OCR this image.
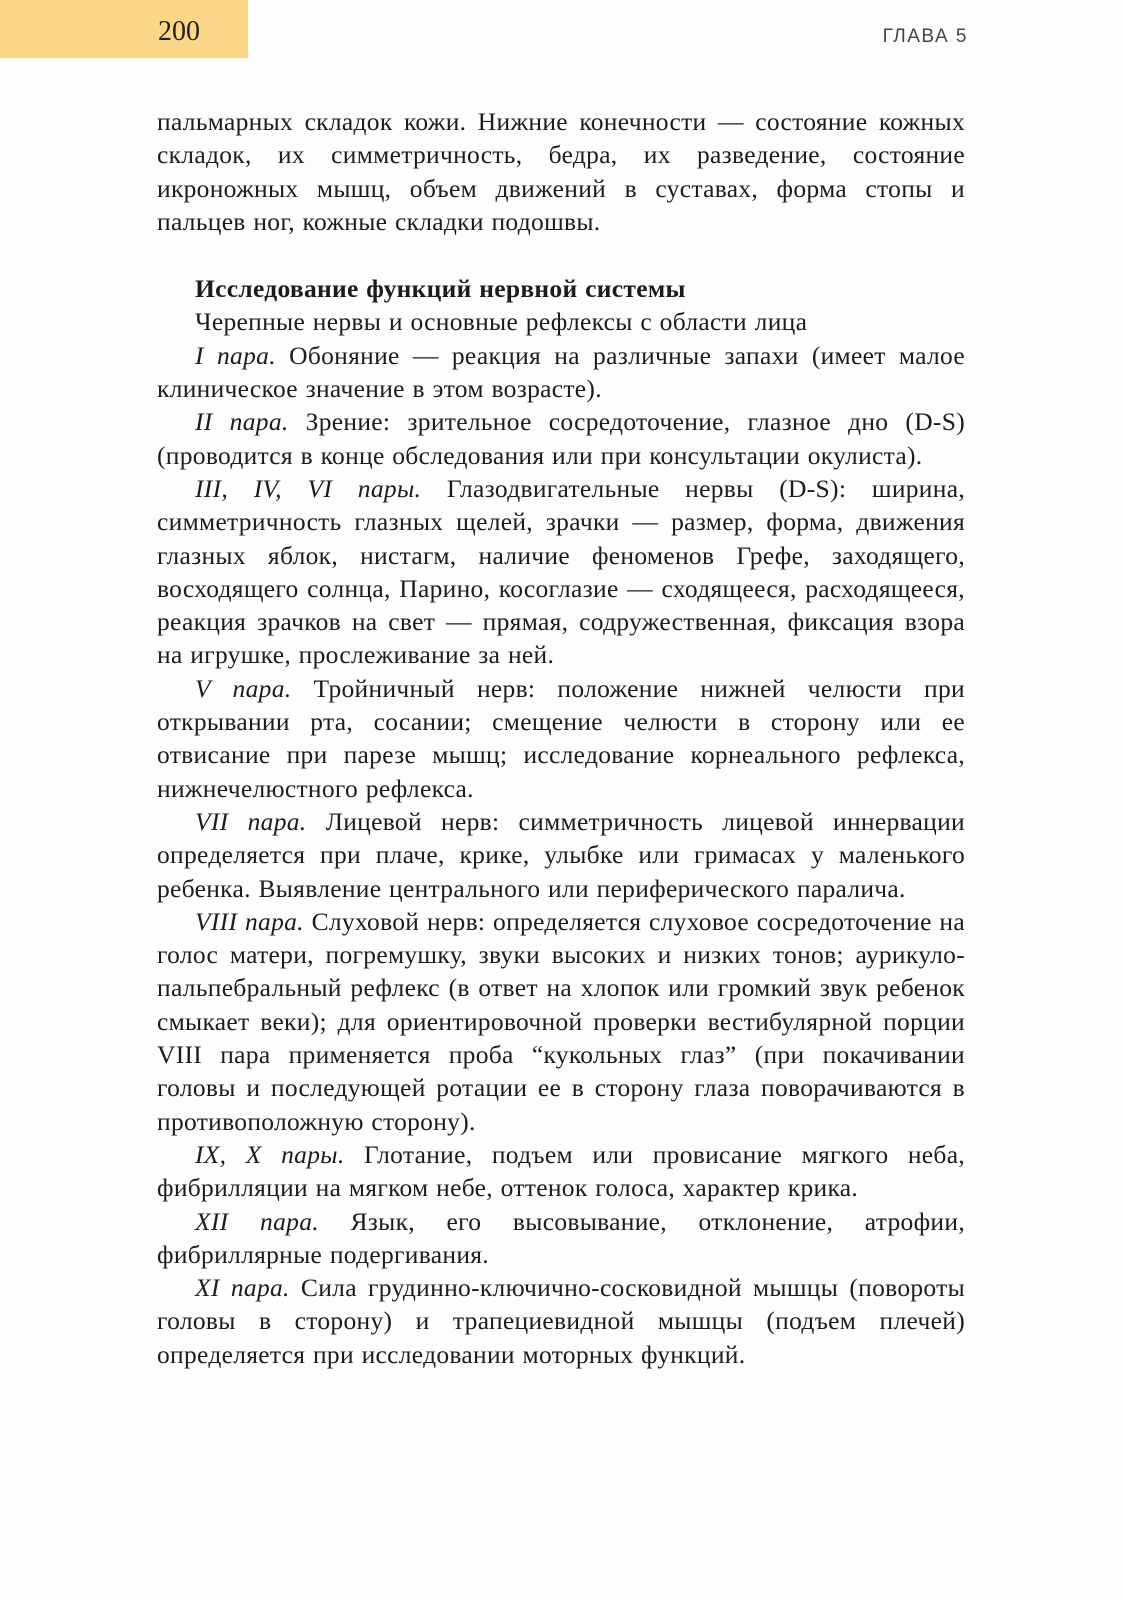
200	ГЛАВА 5

пальмарных складок кожи. Нижние конечности — состояние кожных складок, их симметричность, бедра, их разведение, состояние икроножных мышц, объем движений в суставах, форма стопы и пальцев ног, кожные складки подошвы.

Исследование функций нервной системы

Черепные нервы и основные рефлексы с области лица

I пара. Обоняние — реакция на различные запахи (имеет малое клиническое значение в этом возрасте).

II пара. Зрение: зрительное сосредоточение, глазное дно (D-S) (проводится в конце обследования или при консультации окулиста).

III, IV, VI пары. Глазодвигательные нервы (D-S): ширина, симметричность глазных щелей, зрачки — размер, форма, движения глазных яблок, нистагм, наличие феноменов Грефе, заходящего, восходящего солнца, Парино, косоглазие — сходящееся, расходящееся, реакция зрачков на свет — прямая, содружественная, фиксация взора на игрушке, прослеживание за ней.

V пара. Тройничный нерв: положение нижней челюсти при открывании рта, сосании; смещение челюсти в сторону или ее отвисание при парезе мышц; исследование корнеального рефлекса, нижнечелюстного рефлекса.

VII пара. Лицевой нерв: симметричность лицевой иннервации определяется при плаче, крике, улыбке или гримасах у маленького ребенка. Выявление центрального или периферического паралича.

VIII пара. Слуховой нерв: определяется слуховое сосредоточение на голос матери, погремушку, звуки высоких и низких тонов; аурикуло-пальпебральный рефлекс (в ответ на хлопок или громкий звук ребенок смыкает веки); для ориентировочной проверки вестибулярной порции VIII пара применяется проба “кукольных глаз” (при покачивании головы и последующей ротации ее в сторону глаза поворачиваются в противоположную сторону).

IX, X пары. Глотание, подъем или провисание мягкого неба, фибрилляции на мягком небе, оттенок голоса, характер крика.

XII пара. Язык, его высовывание, отклонение, атрофии, фибриллярные подергивания.

XI пара. Сила грудинно-ключично-сосковидной мышцы (повороты головы в сторону) и трапециевидной мышцы (подъем плечей) определяется при исследовании моторных функций.
